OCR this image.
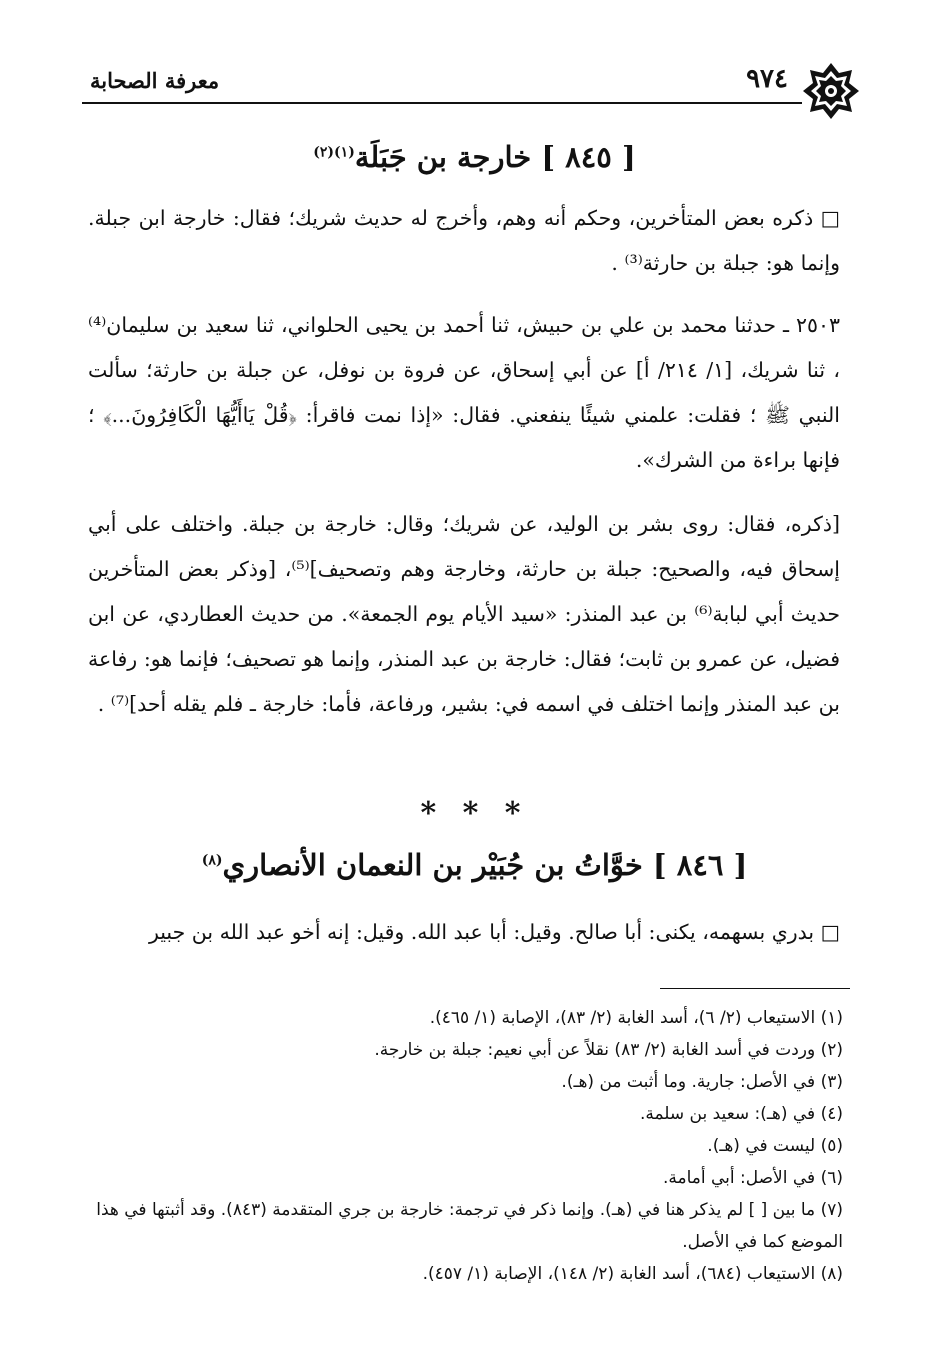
معرفة الصحابة	٩٧٤
[ ٨٤٥ ] خارجة بن جَبَلَة$^{(١)(٢)}$
□ ذكره بعض المتأخرين، وحكم أنه وهم، وأخرج له حديث شريك؛ فقال: خارجة ابن جبلة. وإنما هو: جبلة بن حارثة⁽³⁾ .
٢٥٠٣ ـ حدثنا محمد بن علي بن حبيش، ثنا أحمد بن يحيى الحلواني، ثنا سعيد بن سليمان⁽⁴⁾ ، ثنا شريك، [١/ ٢١٤/ أ] عن أبي إسحاق، عن فروة بن نوفل، عن جبلة بن حارثة؛ سألت النبي ﷺ ؛ فقلت: علمني شيئًا ينفعني. فقال: «إذا نمت فاقرأ: ﴿قُلْ يَاأَيُّهَا الْكَافِرُونَ...﴾ ؛ فإنها براءة من الشرك».
[ذكره، فقال: روى بشر بن الوليد، عن شريك؛ وقال: خارجة بن جبلة. واختلف على أبي إسحاق فيه، والصحيح: جبلة بن حارثة، وخارجة وهم وتصحيف]⁽⁵⁾، [وذكر بعض المتأخرين حديث أبي لبابة⁽⁶⁾ بن عبد المنذر: «سيد الأيام يوم الجمعة». من حديث العطاردي، عن ابن فضيل، عن عمرو بن ثابت؛ فقال: خارجة بن عبد المنذر، وإنما هو تصحيف؛ فإنما هو: رفاعة بن عبد المنذر وإنما اختلف في اسمه في: بشير، ورفاعة، فأما: خارجة ـ فلم يقله أحد]⁽⁷⁾ .
* * *
[ ٨٤٦ ] خوَّاتُ بن جُبَيْر بن النعمان الأنصاري$^{(٨)}$
□ بدري بسهمه، يكنى: أبا صالح. وقيل: أبا عبد الله. وقيل: إنه أخو عبد الله بن جبير
(١) الاستيعاب (٢/ ٦)، أسد الغابة (٢/ ٨٣)، الإصابة (١/ ٤٦٥).
(٢) وردت في أسد الغابة (٢/ ٨٣) نقلاً عن أبي نعيم: جبلة بن خارجة.
(٣) في الأصل: جارية. وما أثبت من (هـ).
(٤) في (هـ): سعيد بن سلمة.
(٥) ليست في (هـ).
(٦) في الأصل: أبي أمامة.
(٧) ما بين [ ] لم يذكر هنا في (هـ). وإنما ذكر في ترجمة: خارجة بن جري المتقدمة (٨٤٣). وقد أثبتها في هذا الموضع كما في الأصل.
(٨) الاستيعاب (٦٨٤)، أسد الغابة (٢/ ١٤٨)، الإصابة (١/ ٤٥٧).
